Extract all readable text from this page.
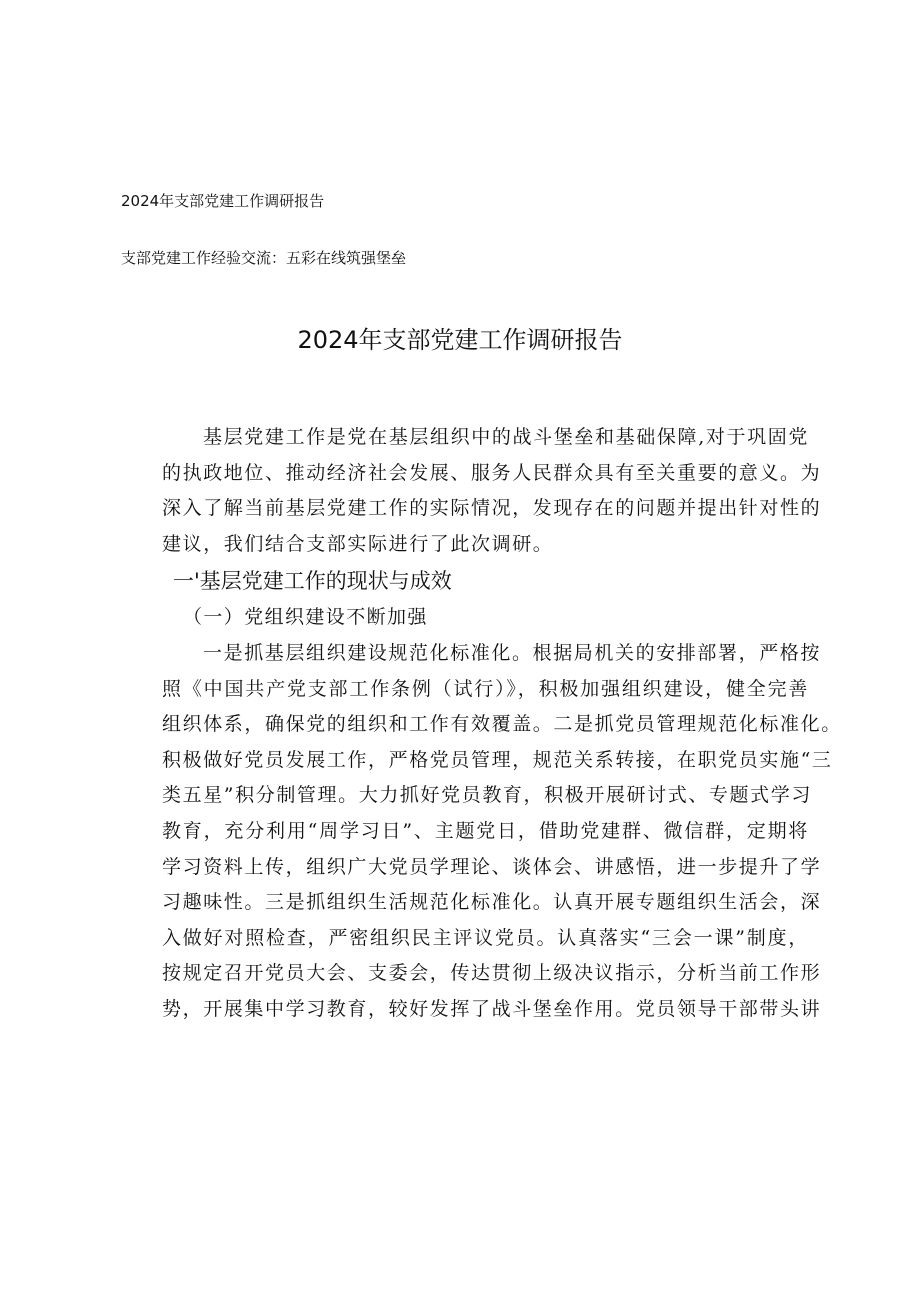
2024年支部党建工作调研报告
支部党建工作经验交流：五彩在线筑强堡垒
2024年支部党建工作调研报告
基层党建工作是党在基层组织中的战斗堡垒和基础保障,对于巩固党
的执政地位、推动经济社会发展、服务人民群众具有至关重要的意义。为
深入了解当前基层党建工作的实际情况，发现存在的问题并提出针对性的
建议，我们结合支部实际进行了此次调研。
一'基层党建工作的现状与成效
（一）党组织建设不断加强
一是抓基层组织建设规范化标准化。根据局机关的安排部署，严格按
照《中国共产党支部工作条例（试行）》，积极加强组织建设，健全完善
组织体系，确保党的组织和工作有效覆盖。二是抓党员管理规范化标准化。
积极做好党员发展工作，严格党员管理，规范关系转接，在职党员实施“三
类五星”积分制管理。大力抓好党员教育，积极开展研讨式、专题式学习
教育，充分利用“周学习日”、主题党日，借助党建群、微信群，定期将
学习资料上传，组织广大党员学理论、谈体会、讲感悟，进一步提升了学
习趣味性。三是抓组织生活规范化标准化。认真开展专题组织生活会，深
入做好对照检查，严密组织民主评议党员。认真落实“三会一课”制度，
按规定召开党员大会、支委会，传达贯彻上级决议指示，分析当前工作形
势，开展集中学习教育，较好发挥了战斗堡垒作用。党员领导干部带头讲
